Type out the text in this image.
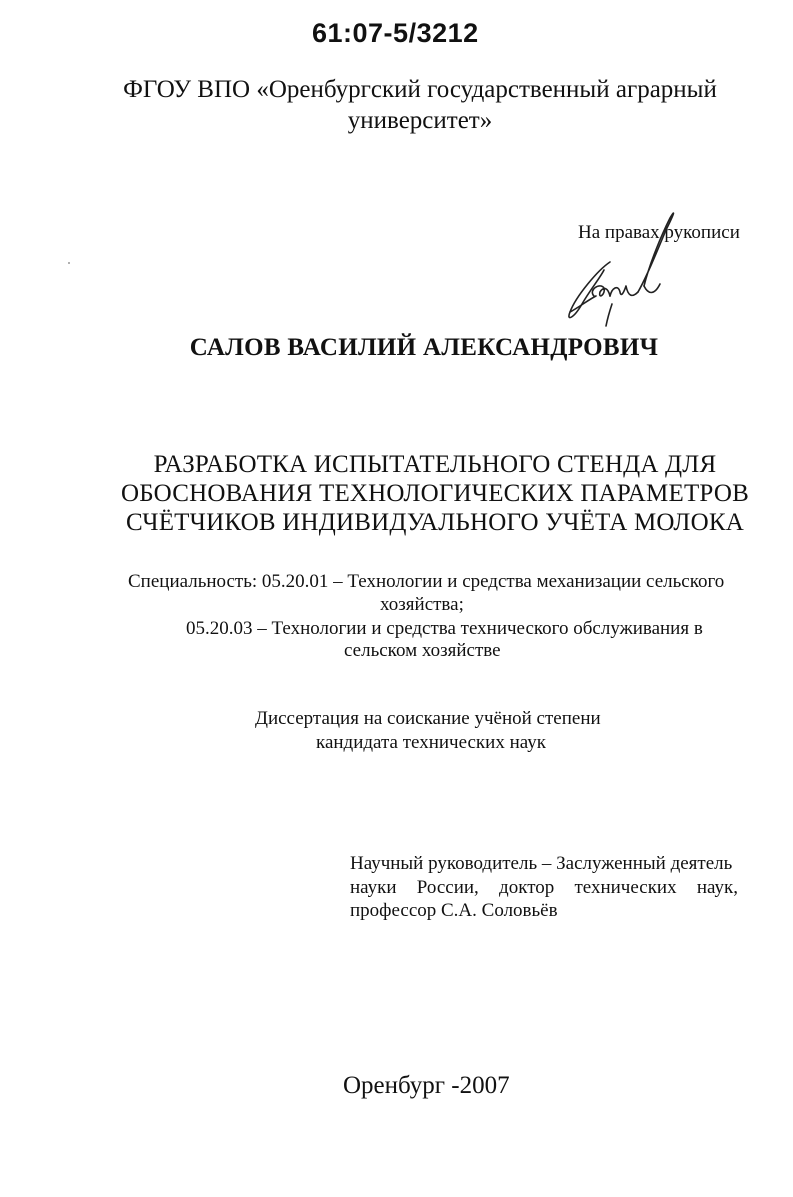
61:07-5/3212
ФГОУ ВПО «Оренбургский государственный аграрный
университет»
На правах рукописи
САЛОВ ВАСИЛИЙ АЛЕКСАНДРОВИЧ
РАЗРАБОТКА ИСПЫТАТЕЛЬНОГО СТЕНДА ДЛЯ
ОБОСНОВАНИЯ ТЕХНОЛОГИЧЕСКИХ ПАРАМЕТРОВ
СЧЁТЧИКОВ ИНДИВИДУАЛЬНОГО УЧЁТА МОЛОКА
Специальность: 05.20.01 – Технологии и средства механизации сельского
хозяйства;
05.20.03 – Технологии и средства технического обслуживания в
сельском хозяйстве
Диссертация на соискание учёной степени
кандидата технических наук
Научный руководитель – Заслуженный деятель
науки России, доктор технических наук,
профессор С.А. Соловьёв
Оренбург -2007
